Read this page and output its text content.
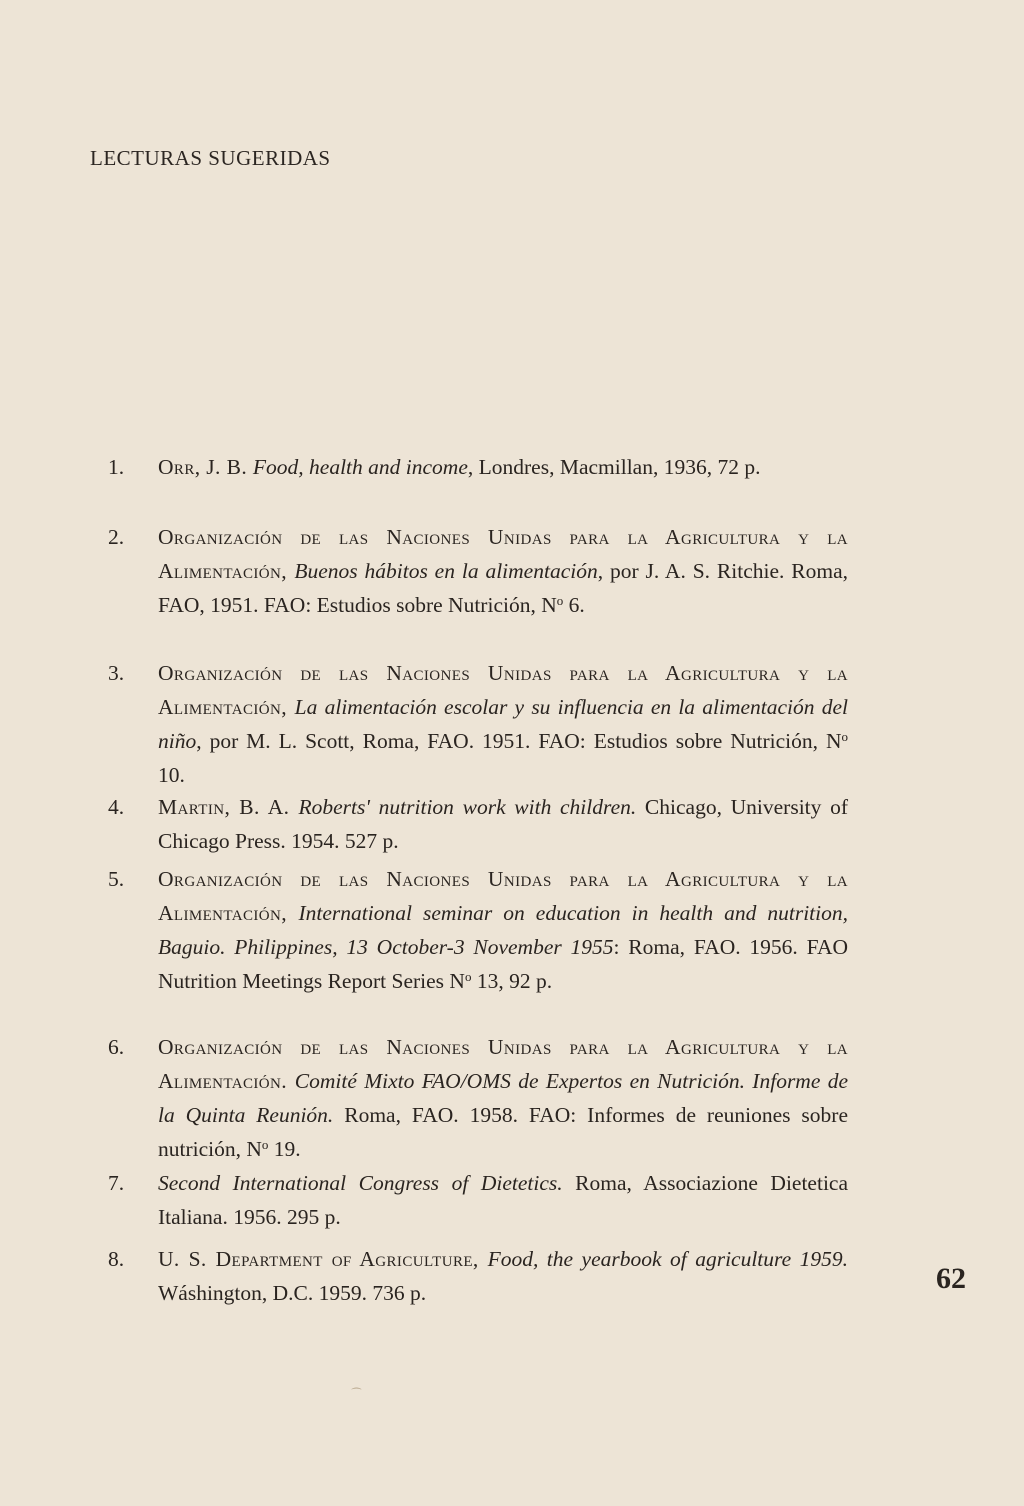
LECTURAS SUGERIDAS
1.	Orr, J. B. Food, health and income, Londres, Macmillan, 1936, 72 p.
2.	Organización de las Naciones Unidas para la Agricultura y la Alimentación, Buenos hábitos en la alimentación, por J. A. S. Ritchie. Roma, FAO, 1951. FAO: Estudios sobre Nutrición, $N^o$ 6.
3.	Organización de las Naciones Unidas para la Agricultura y la Alimentación, La alimentación escolar y su influencia en la alimentación del niño, por M. L. Scott, Roma, FAO. 1951. FAO: Estudios sobre Nutrición, $N^o$ 10.
4.	Martin, B. A. Roberts' nutrition work with children. Chicago, University of Chicago Press. 1954. 527 p.
5.	Organización de las Naciones Unidas para la Agricultura y la Alimentación, International seminar on education in health and nutrition, Baguio. Philippines, 13 October-3 November 1955: Roma, FAO. 1956. FAO Nutrition Meetings Report Series $N^o$ 13, 92 p.
6.	Organización de las Naciones Unidas para la Agricultura y la Alimentación. Comité Mixto FAO/OMS de Expertos en Nutrición. Informe de la Quinta Reunión. Roma, FAO. 1958. FAO: Informes de reuniones sobre nutrición, $N^o$ 19.
7.	Second International Congress of Dietetics. Roma, Associazione Dietetica Italiana. 1956. 295 p.
8.	U. S. Department of Agriculture, Food, the yearbook of agriculture 1959. Wáshington, D.C. 1959. 736 p.	62
⁀
